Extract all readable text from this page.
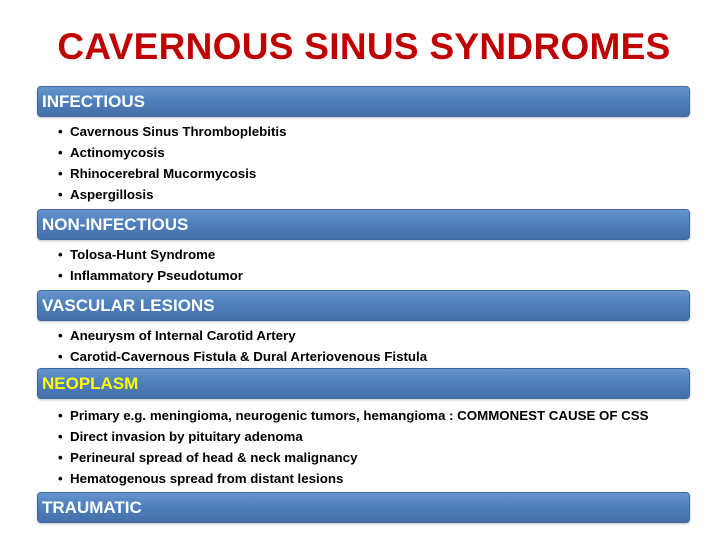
CAVERNOUS SINUS SYNDROMES
INFECTIOUS
• Cavernous Sinus Thromboplebitis
• Actinomycosis
• Rhinocerebral Mucormycosis
• Aspergillosis
NON-INFECTIOUS
• Tolosa-Hunt Syndrome
• Inflammatory Pseudotumor
VASCULAR LESIONS
• Aneurysm of Internal Carotid Artery
• Carotid-Cavernous Fistula & Dural Arteriovenous Fistula
NEOPLASM
• Primary e.g. meningioma, neurogenic tumors, hemangioma : COMMONEST CAUSE OF CSS
• Direct invasion by pituitary adenoma
• Perineural spread of head & neck malignancy
• Hematogenous spread from distant lesions
TRAUMATIC
